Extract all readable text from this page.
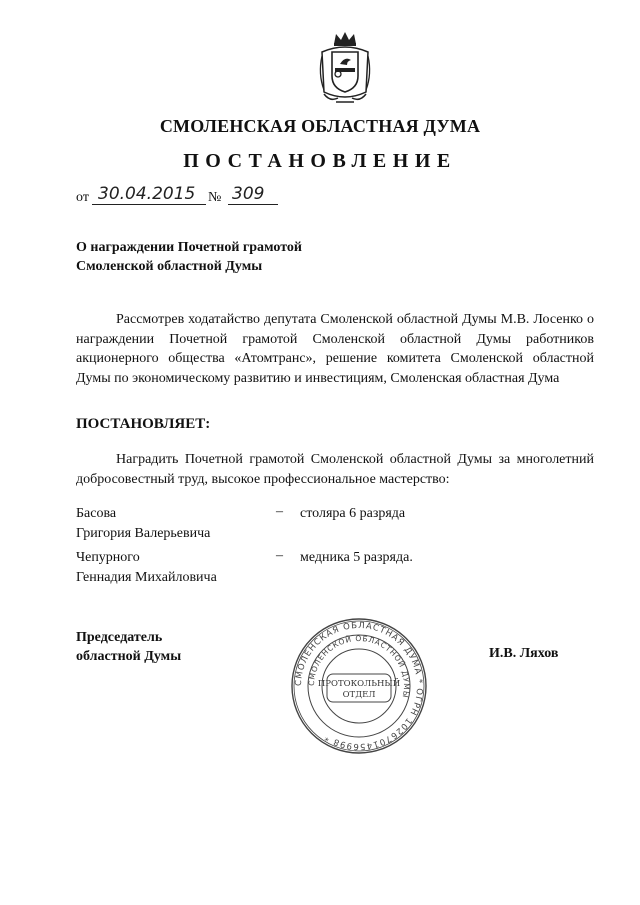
СМОЛЕНСКАЯ ОБЛАСТНАЯ ДУМА
ПОСТАНОВЛЕНИЕ
от 30.04.2015 № 309
О награждении Почетной грамотой
Смоленской областной Думы
Рассмотрев ходатайство депутата Смоленской областной Думы М.В. Лосенко о награждении Почетной грамотой Смоленской областной Думы работников акционерного общества «Атомтранс», решение комитета Смоленской областной Думы по экономическому развитию и инвестициям, Смоленская областная Дума
ПОСТАНОВЛЯЕТ:
Наградить Почетной грамотой Смоленской областной Думы за многолетний добросовестный труд, высокое профессиональное мастерство:
Басова
Григория Валерьевича
– столяра 6 разряда
Чепурного
Геннадия Михайловича
– медника 5 разряда.
Председатель
областной Думы	И.В. Ляхов
СМОЛЕНСКАЯ ОБЛАСТНАЯ ДУМА * ОГРН 1026701456998 *
СМОЛЕНСКОЙ ОБЛАСТНОЙ ДУМЫ
ПРОТОКОЛЬНЫЙ
ОТДЕЛ
